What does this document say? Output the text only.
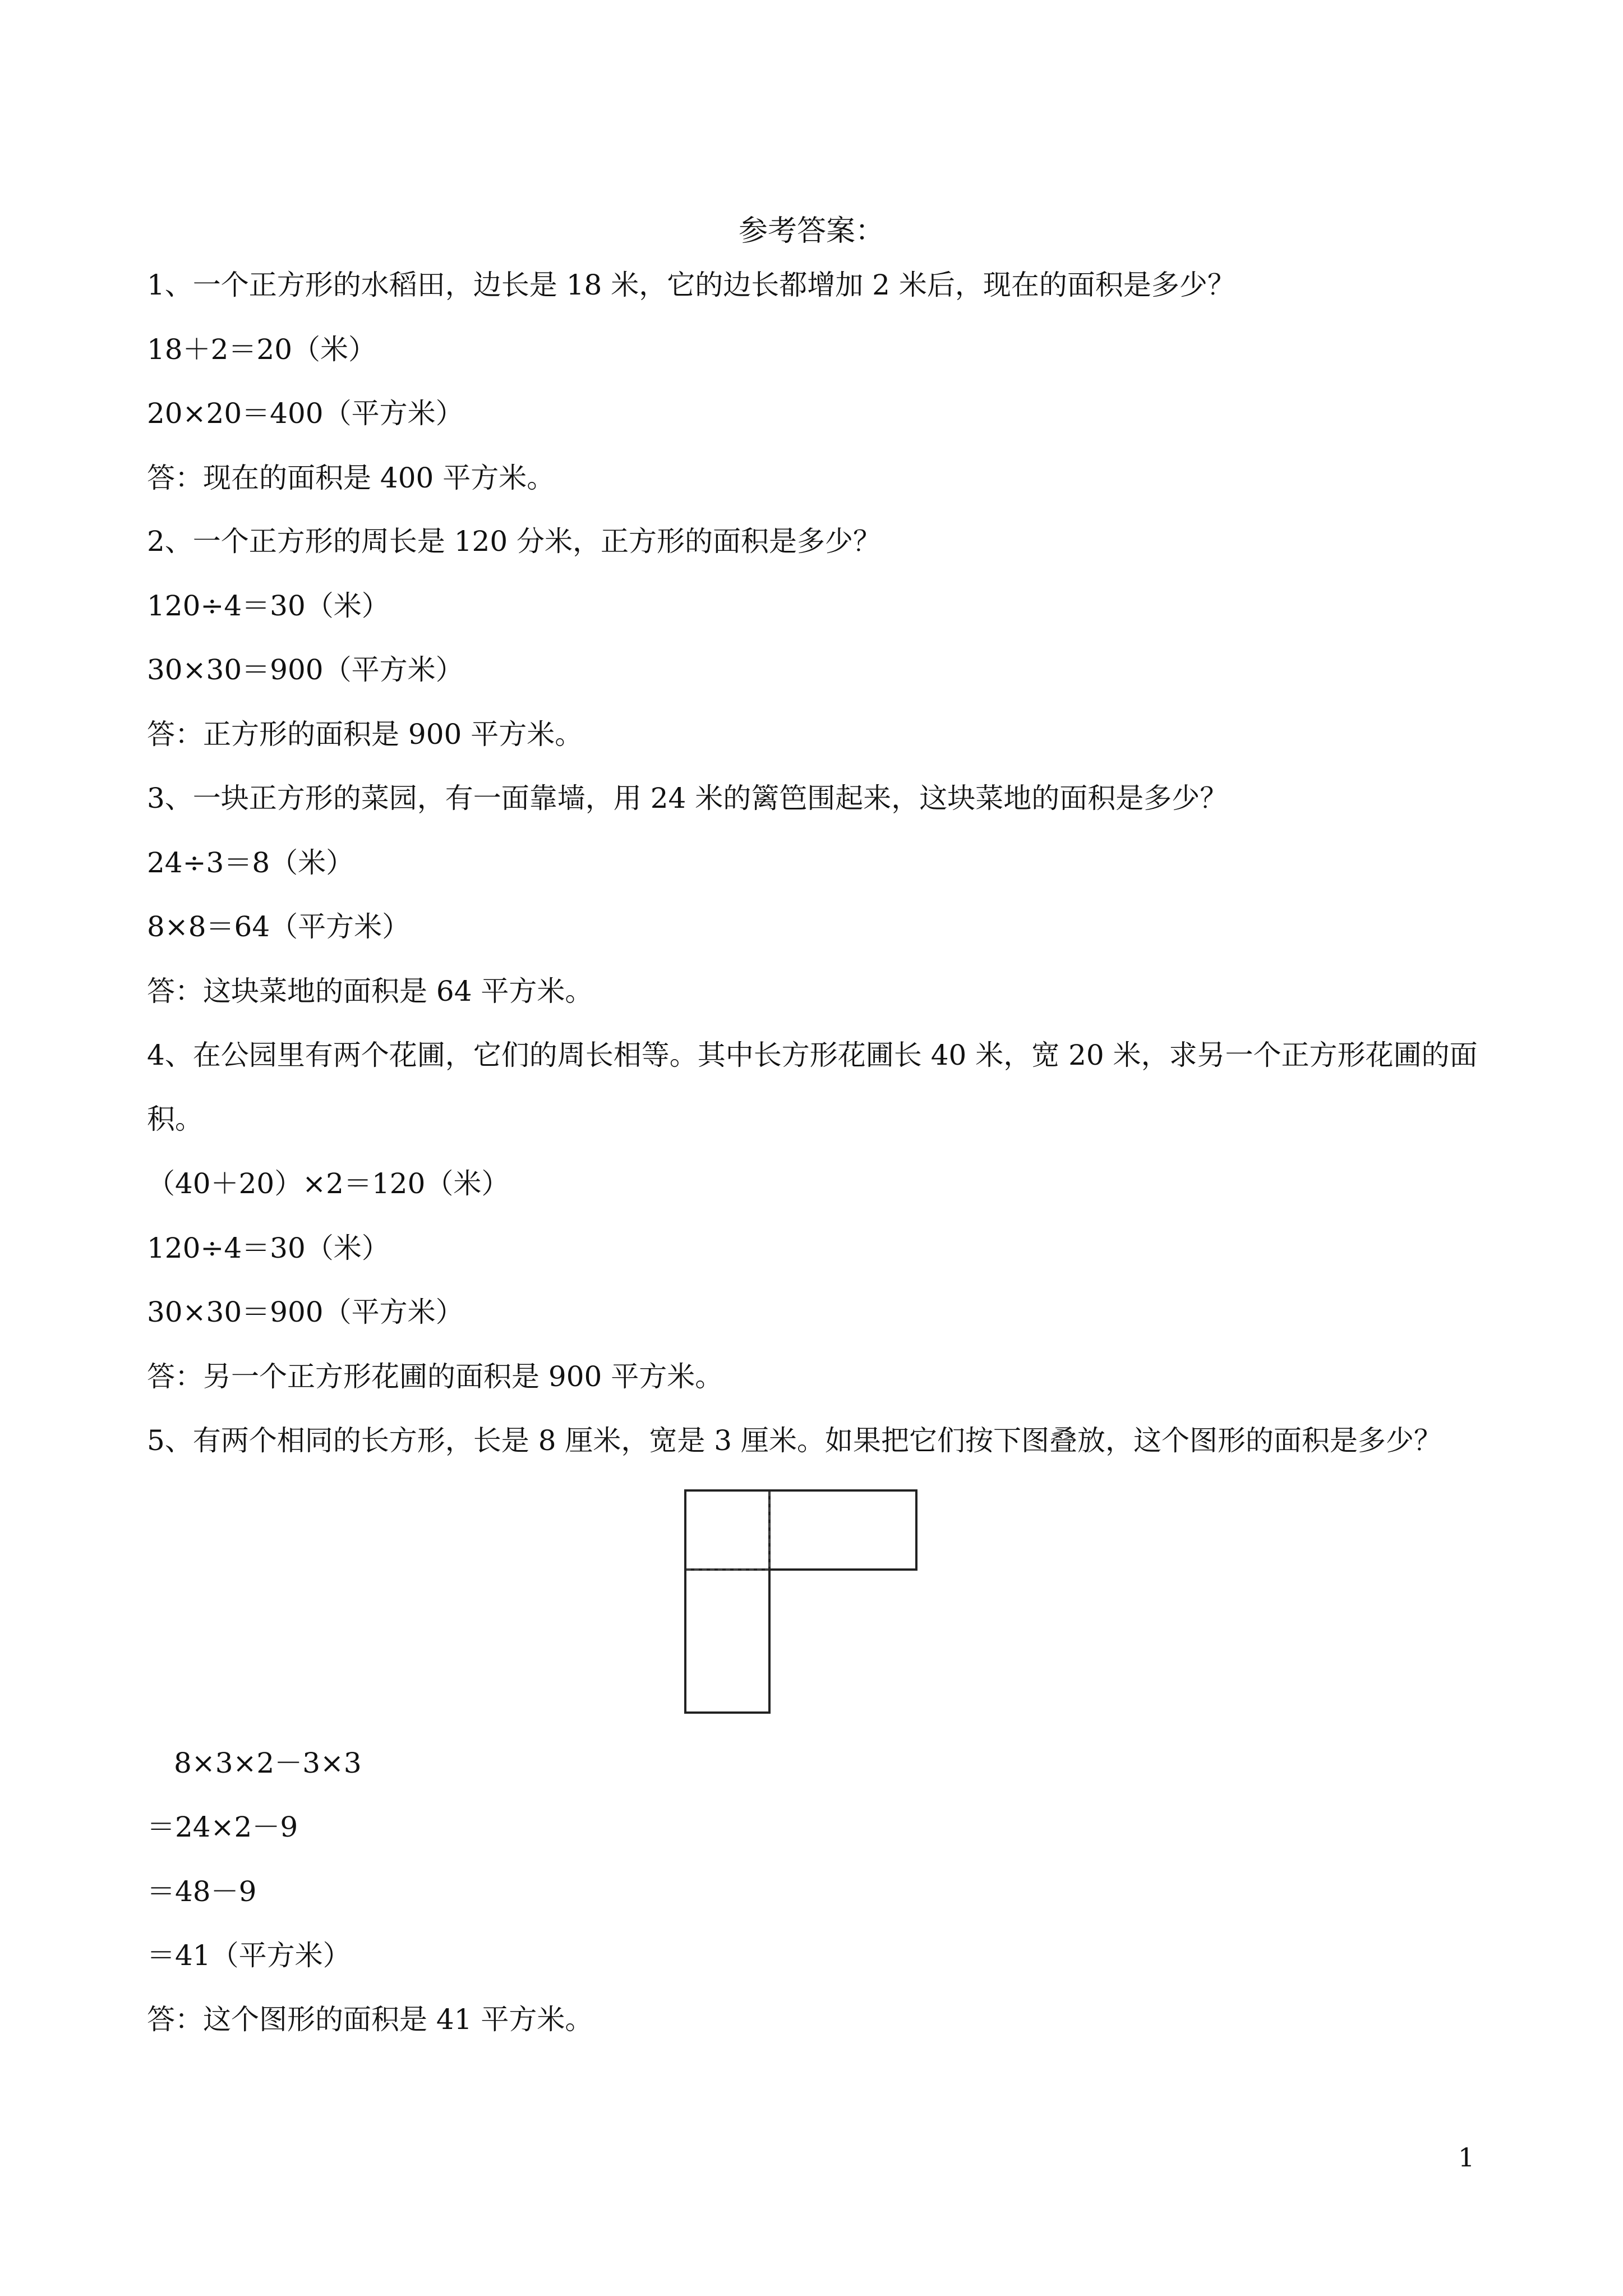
参考答案：
1、一个正方形的水稻田，边长是 18 米，它的边长都增加 2 米后，现在的面积是多少？
18＋2＝20（米）
20×20＝400（平方米）
答：现在的面积是 400 平方米。
2、一个正方形的周长是 120 分米，正方形的面积是多少？
120÷4＝30（米）
30×30＝900（平方米）
答：正方形的面积是 900 平方米。
3、一块正方形的菜园，有一面靠墙，用 24 米的篱笆围起来，这块菜地的面积是多少？
24÷3＝8（米）
8×8＝64（平方米）
答：这块菜地的面积是 64 平方米。
4、在公园里有两个花圃，它们的周长相等。其中长方形花圃长 40 米，宽 20 米，求另一个正方形花圃的面
积。
（40＋20）×2＝120（米）
120÷4＝30（米）
30×30＝900（平方米）
答：另一个正方形花圃的面积是 900 平方米。
5、有两个相同的长方形，长是 8 厘米，宽是 3 厘米。如果把它们按下图叠放，这个图形的面积是多少？
8×3×2－3×3
＝24×2－9
＝48－9
＝41（平方米）
答：这个图形的面积是 41 平方米。
1
